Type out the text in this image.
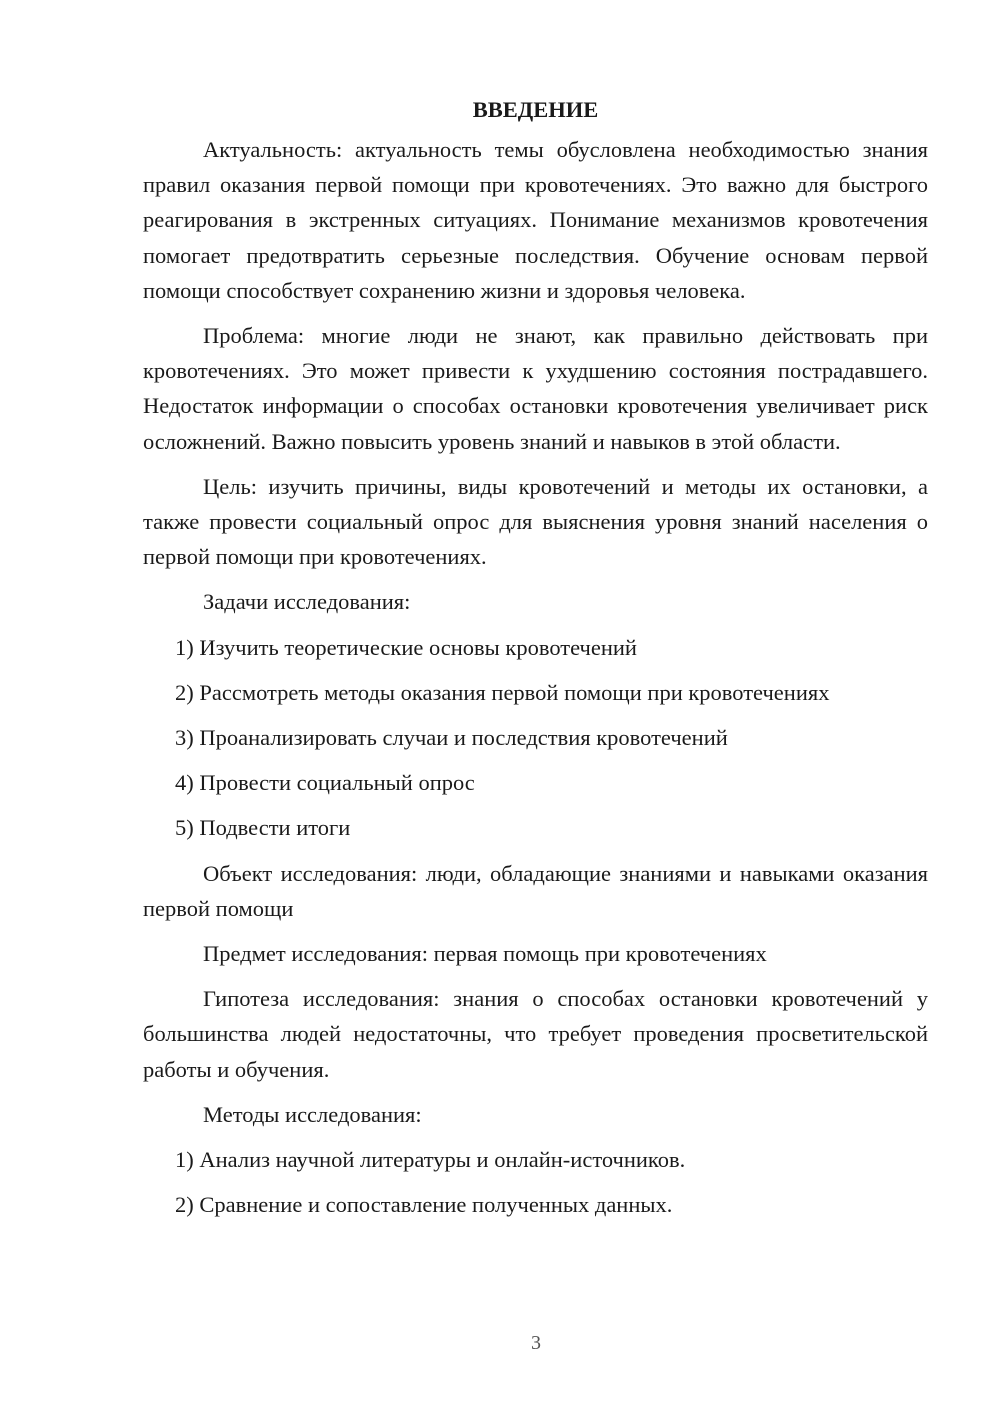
ВВЕДЕНИЕ
Актуальность: актуальность темы обусловлена необходимостью знания правил оказания первой помощи при кровотечениях. Это важно для быстрого реагирования в экстренных ситуациях. Понимание механизмов кровотечения помогает предотвратить серьезные последствия. Обучение основам первой помощи способствует сохранению жизни и здоровья человека.
Проблема: многие люди не знают, как правильно действовать при кровотечениях. Это может привести к ухудшению состояния пострадавшего. Недостаток информации о способах остановки кровотечения увеличивает риск осложнений. Важно повысить уровень знаний и навыков в этой области.
Цель: изучить причины, виды кровотечений и методы их остановки, а также провести социальный опрос для выяснения уровня знаний населения о первой помощи при кровотечениях.
Задачи исследования:
1) Изучить теоретические основы кровотечений
2) Рассмотреть методы оказания первой помощи при кровотечениях
3) Проанализировать случаи и последствия кровотечений
4) Провести социальный опрос
5) Подвести итоги
Объект исследования: люди, обладающие знаниями и навыками оказания первой помощи
Предмет исследования: первая помощь при кровотечениях
Гипотеза исследования: знания о способах остановки кровотечений у большинства людей недостаточны, что требует проведения просветительской работы и обучения.
Методы исследования:
1) Анализ научной литературы и онлайн-источников.
2) Сравнение и сопоставление полученных данных.
3
